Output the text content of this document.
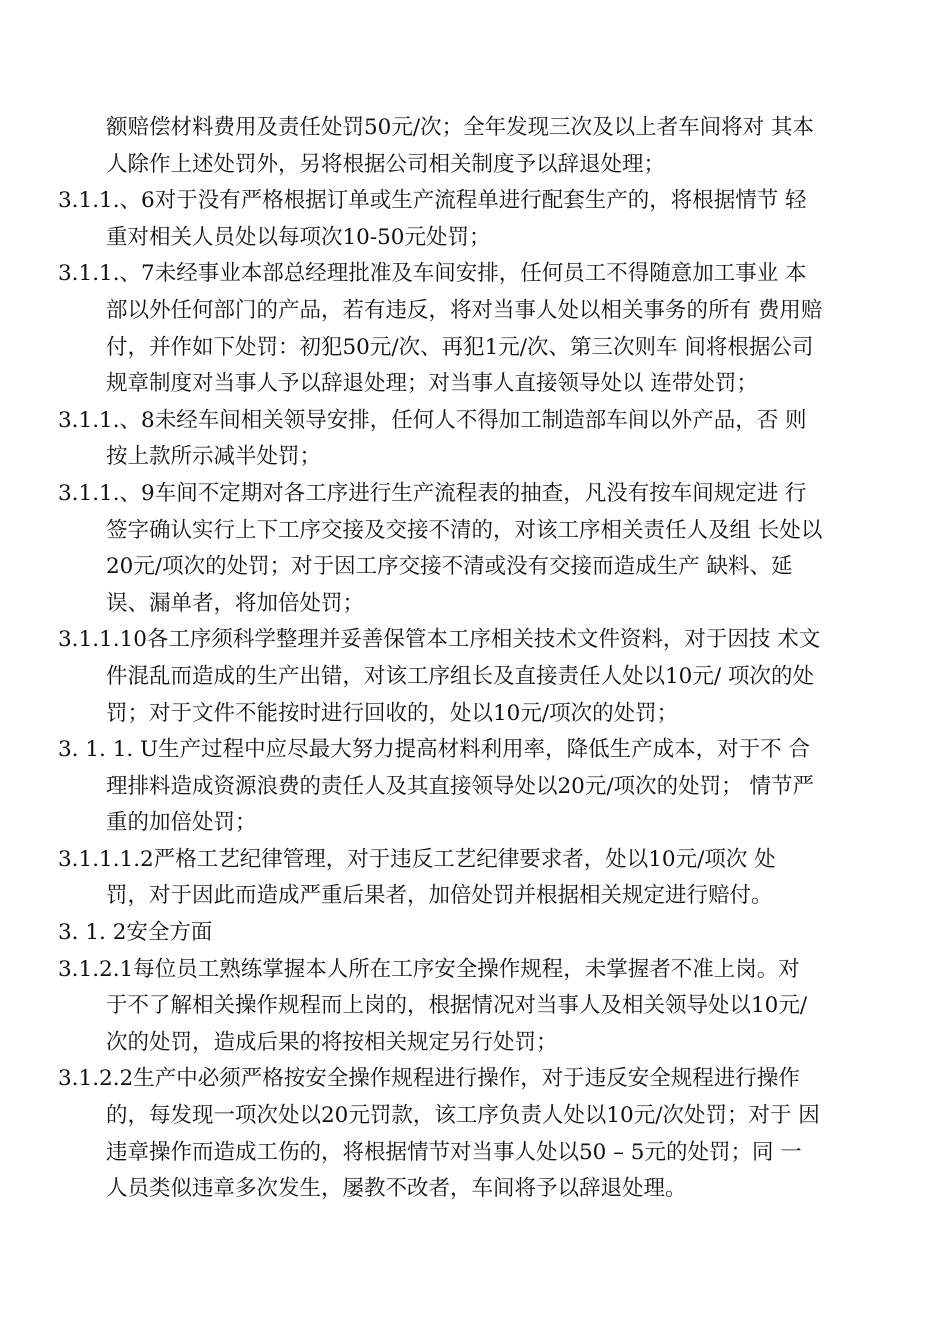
额赔偿材料费用及责任处罚50元/次；全年发现三次及以上者车间将对 其本
人除作上述处罚外，另将根据公司相关制度予以辞退处理；

3.1.1.、6对于没有严格根据订单或生产流程单进行配套生产的，将根据情节 轻
重对相关人员处以每项次10-50元处罚；

3.1.1.、7未经事业本部总经理批准及车间安排，任何员工不得随意加工事业 本
部以外任何部门的产品，若有违反，将对当事人处以相关事务的所有 费用赔
付，并作如下处罚：初犯50元/次、再犯1元/次、第三次则车 间将根据公司
规章制度对当事人予以辞退处理；对当事人直接领导处以 连带处罚；

3.1.1.、8未经车间相关领导安排，任何人不得加工制造部车间以外产品，否 则
按上款所示减半处罚；

3.1.1.、9车间不定期对各工序进行生产流程表的抽查，凡没有按车间规定进 行
签字确认实行上下工序交接及交接不清的，对该工序相关责任人及组 长处以
20元/项次的处罚；对于因工序交接不清或没有交接而造成生产 缺料、延
误、漏单者，将加倍处罚；

3.1.1.10各工序须科学整理并妥善保管本工序相关技术文件资料，对于因技 术文
件混乱而造成的生产出错，对该工序组长及直接责任人处以10元/ 项次的处
罚；对于文件不能按时进行回收的，处以10元/项次的处罚；

3. 1. 1. U生产过程中应尽最大努力提高材料利用率，降低生产成本，对于不 合
理排料造成资源浪费的责任人及其直接领导处以20元/项次的处罚； 情节严
重的加倍处罚；

3.1.1.1.2严格工艺纪律管理，对于违反工艺纪律要求者，处以10元/项次 处
罚，对于因此而造成严重后果者，加倍处罚并根据相关规定进行赔付。

3. 1. 2安全方面

3.1.2.1每位员工熟练掌握本人所在工序安全操作规程，未掌握者不准上岗。对
于不了解相关操作规程而上岗的，根据情况对当事人及相关领导处以10元/
次的处罚，造成后果的将按相关规定另行处罚；

3.1.2.2生产中必须严格按安全操作规程进行操作，对于违反安全规程进行操作
的，每发现一项次处以20元罚款，该工序负责人处以10元/次处罚；对于 因
违章操作而造成工伤的，将根据情节对当事人处以50 – 5元的处罚；同 一
人员类似违章多次发生，屡教不改者，车间将予以辞退处理。
